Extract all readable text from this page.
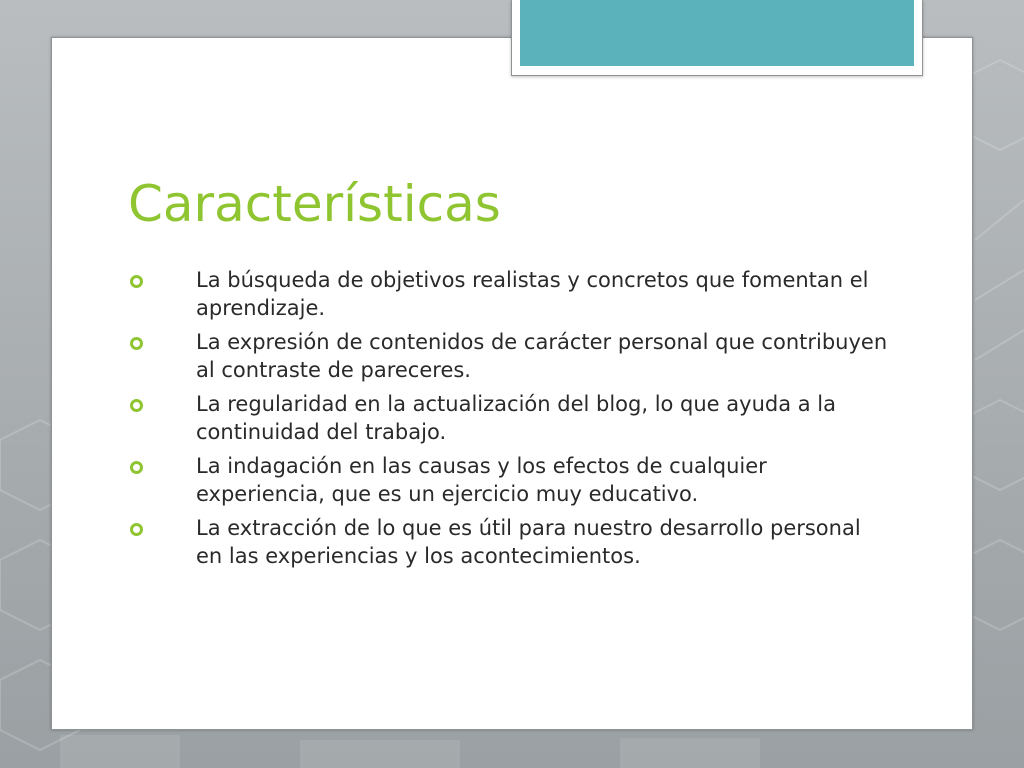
Características
La búsqueda de objetivos realistas y concretos que fomentan el aprendizaje.
La expresión de contenidos de carácter personal que contribuyen al contraste de pareceres.
La regularidad en la actualización del blog, lo que ayuda a la continuidad del trabajo.
La indagación en las causas y los efectos de cualquier experiencia, que es un ejercicio muy educativo.
La extracción de lo que es útil para nuestro desarrollo personal en las experiencias y los acontecimientos.
